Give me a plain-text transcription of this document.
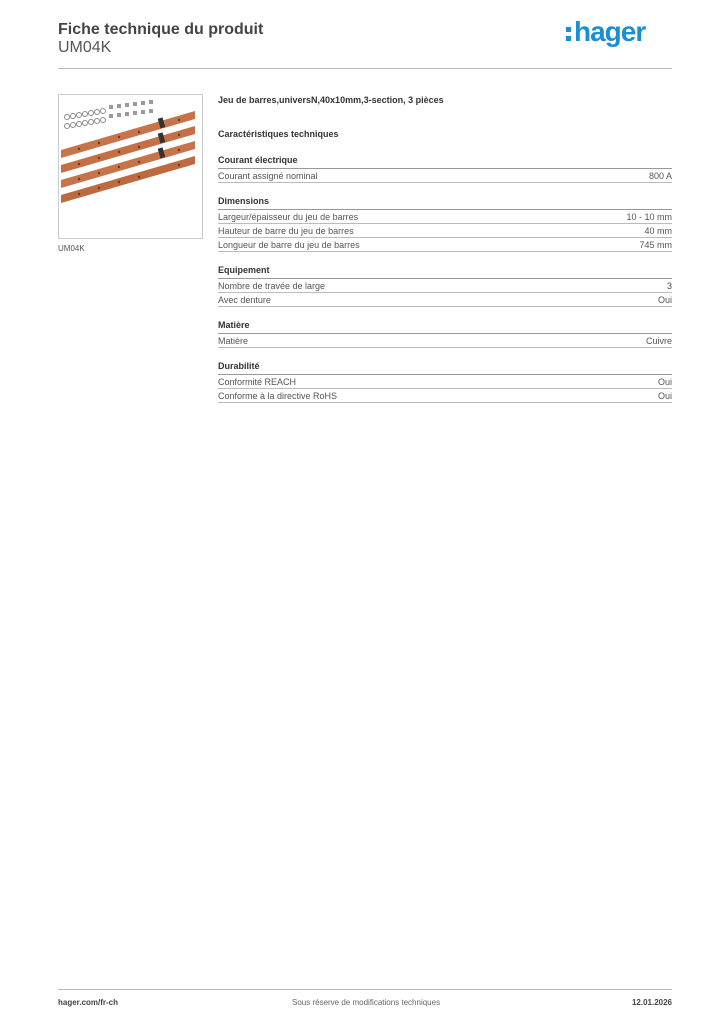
Fiche technique du produit
UM04K
hager
UM04K
Jeu de barres,universN,40x10mm,3-section, 3 pièces
Caractéristiques techniques
Courant électrique
Courant assigné nominal	800 A
Dimensions
Largeur/épaisseur du jeu de barres	10 - 10 mm
Hauteur de barre du jeu de barres	40 mm
Longueur de barre du jeu de barres	745 mm
Equipement
Nombre de travée de large	3
Avec denture	Oui
Matière
Matière	Cuivre
Durabilité
Conformité REACH	Oui
Conforme à la directive RoHS	Oui
hager.com/fr-ch	Sous réserve de modifications techniques	12.01.2026
